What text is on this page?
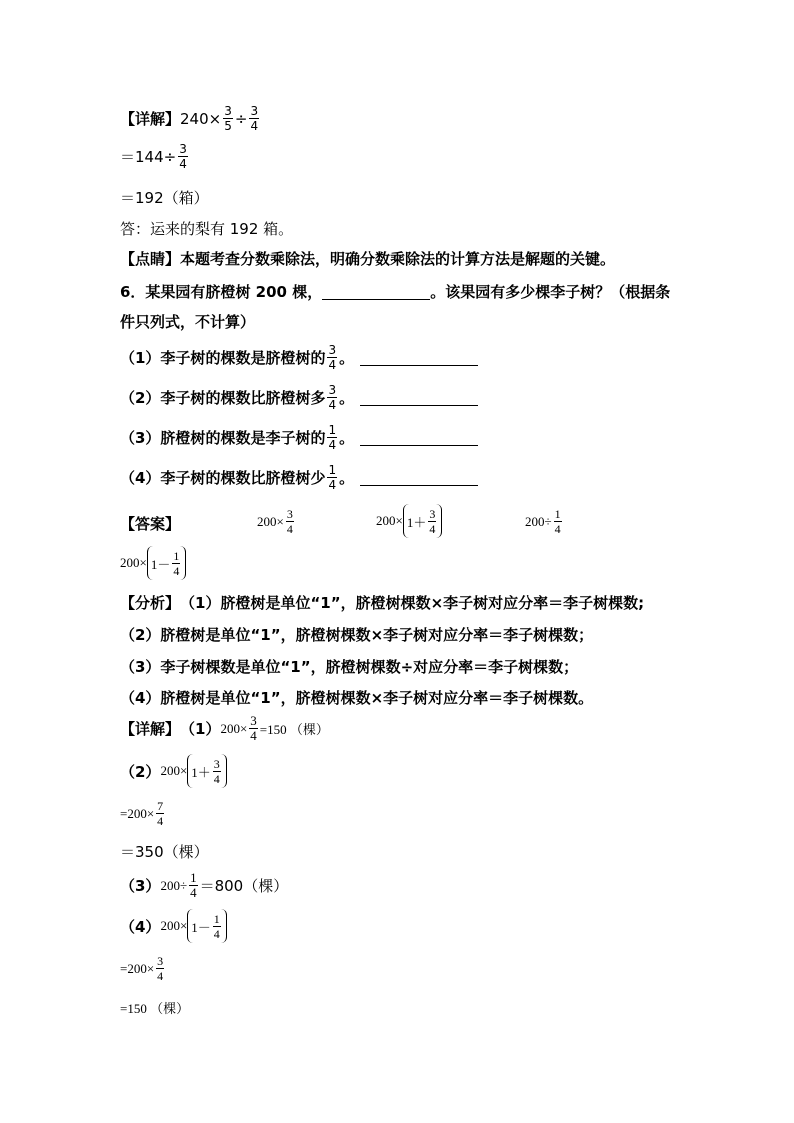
【详解】 $240 \times \frac{3}{5} \div \frac{3}{4}$
$=144\div \frac{3}{4}$
＝192（箱）
答：运来的梨有 192 箱。
【点睛】 本题考查分数乘除法，明确分数乘除法的计算方法是解题的关键。
6．某果园有脐橙树 200 棵，	。该果园有多少棵李子树？（根据条
件只列式，不计算）
（1）李子树的棵数是脐橙树的 $\frac{3}{4}$ 。
（2）李子树的棵数比脐橙树多 $\frac{3}{4}$ 。
（3）脐橙树的棵数是李子树的 $\frac{1}{4}$ 。
（4）李子树的棵数比脐橙树少 $\frac{1}{4}$ 。
【答案】	$200\times \frac{3}{4}$	$200\times 1+ \frac{3}{4}$	$200\div \frac{1}{4}$
$200\times 1- \frac{1}{4}$
【分析】 （1）脐橙树是单位“1”，脐橙树棵数×李子树对应分率＝李子树棵数;
（2）脐橙树是单位“1”，脐橙树棵数×李子树对应分率＝李子树棵数；
（3）李子树棵数是单位“1”，脐橙树棵数÷对应分率＝李子树棵数；
（4）脐橙树是单位“1”，脐橙树棵数×李子树对应分率＝李子树棵数。
【详解】 （1） $200\times \frac{3}{4} =150$ （棵）
（2） $200\times 1+ \frac{3}{4}$
$=200\times \frac{7}{4}$
＝350（棵）
（3） $200\div \frac{1}{4} =800$（棵）
（4） $200\times 1- \frac{1}{4}$
$=200\times \frac{3}{4}$
=150 （棵）
